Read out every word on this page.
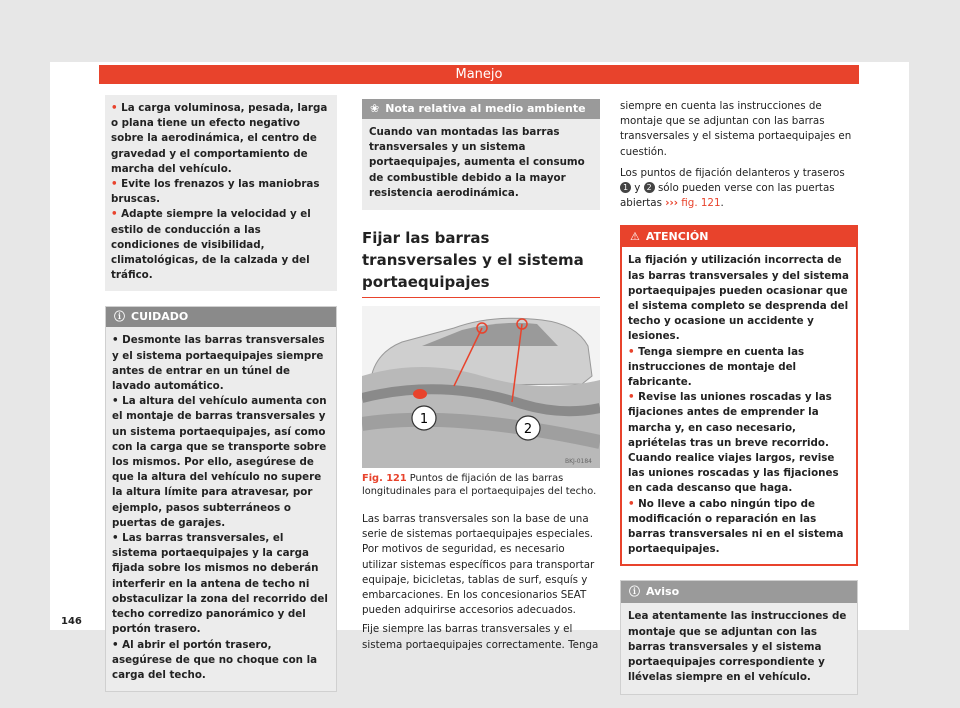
Manejo

• La carga voluminosa, pesada, larga o plana tiene un efecto negativo sobre la aerodinámica, el centro de gravedad y el comportamiento de marcha del vehículo.

• Evite los frenazos y las maniobras bruscas.

• Adapte siempre la velocidad y el estilo de conducción a las condiciones de visibilidad, climatológicas, de la calzada y del tráfico.

ⓘ CUIDADO

• Desmonte las barras transversales y el sistema portaequipajes siempre antes de entrar en un túnel de lavado automático.

• La altura del vehículo aumenta con el montaje de barras transversales y un sistema portaequipajes, así como con la carga que se transporte sobre los mismos. Por ello, asegúrese de que la altura del vehículo no supere la altura límite para atravesar, por ejemplo, pasos subterráneos o puertas de garajes.

• Las barras transversales, el sistema portaequipajes y la carga fijada sobre los mismos no deberán interferir en la antena de techo ni obstaculizar la zona del recorrido del techo corredizo panorámico y del portón trasero.

• Al abrir el portón trasero, asegúrese de que no choque con la carga del techo.

❀ Nota relativa al medio ambiente
Cuando van montadas las barras transversales y un sistema portaequipajes, aumenta el consumo de combustible debido a la mayor resistencia aerodinámica.
Fijar las barras transversales y el sistema portaequipajes
1
2
BKJ-0184
Fig. 121 Puntos de fijación de las barras longitudinales para el portaequipajes del techo.

Las barras transversales son la base de una serie de sistemas portaequipajes especiales. Por motivos de seguridad, es necesario utilizar sistemas específicos para transportar equipaje, bicicletas, tablas de surf, esquís y embarcaciones. En los concesionarios SEAT pueden adquirirse accesorios adecuados.

Fije siempre las barras transversales y el sistema portaequipajes correctamente. Tenga

siempre en cuenta las instrucciones de montaje que se adjuntan con las barras transversales y el sistema portaequipajes en cuestión.

Los puntos de fijación delanteros y traseros 1 y 2 sólo pueden verse con las puertas abiertas ››› fig. 121.

⚠ ATENCIÓN

La fijación y utilización incorrecta de las barras transversales y del sistema portaequipajes pueden ocasionar que el sistema completo se desprenda del techo y ocasione un accidente y lesiones.

• Tenga siempre en cuenta las instrucciones de montaje del fabricante.

• Revise las uniones roscadas y las fijaciones antes de emprender la marcha y, en caso necesario, apriételas tras un breve recorrido. Cuando realice viajes largos, revise las uniones roscadas y las fijaciones en cada descanso que haga.

• No lleve a cabo ningún tipo de modificación o reparación en las barras transversales ni en el sistema portaequipajes.

ⓘ Aviso
Lea atentamente las instrucciones de montaje que se adjuntan con las barras transversales y el sistema portaequipajes correspondiente y llévelas siempre en el vehículo.
146
